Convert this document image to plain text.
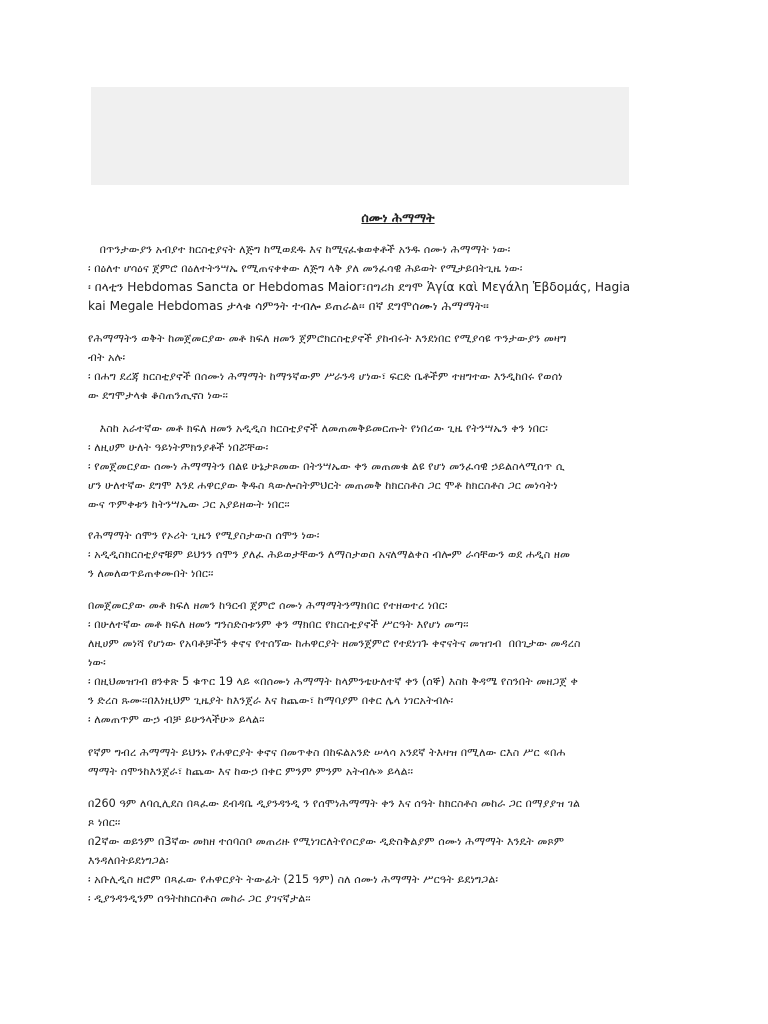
ሰሙነ ሕማማት
በጥንታውያን አብያተ ክርስቲያናት ለጅግ ከሚወደዱ እና ከሚናፈቁወቀቶች አንዱ ሰሙነ ሕማማት ነው፡
፡ በዕለተ ሆሳዕና ጀምሮ በዕለተትንሣኤ የሚጠናቀቀው ለጅግ ላቅ ያለ መንፈሳዊ ሕይወት የሚታይበትጊዜ ነው፡
፡ በላቲን Hebdomas Sancta or Hebdomas Maior፣በግሪክ ደግሞ Ἁγία καὶ Μεγάλη Ἑβδομάς, Hagia
kai Megale Hebdomas ታላቁ ሳምንት ተብሎ ይጠራል፡፡ በኛ ደግሞሰሙነ ሕማማት፡፡
የሕማማትን ወቅት ከመጀመርያው መቶ ክፍለ ዘመን ጀምሮክርስቲያኖች ያከብሩት እንደነበር የሚያሳዩ ጥንታውያን መዛግ
ብት አሉ፡
፡ በሐግ ደረጃ ክርስቲያኖች በሰሙነ ሕማማት ከማንኛውም ሥራንዳ ሆነው፣ ፍርድ ቤቶችም ተዘግተው እንዲከበሩ የወሰነ
ው ደግሞታላቁ ቆስጠንጢኖስ ነው፡፡
እስከ አራተኛው መቶ ክፍለ ዘመን አዲዲስ ክርስቲያኖች ለመጠመቅይመርጡት የነበረው ጊዜ የትንሣኤን ቀን ነበር፡
፡ ለዚሀም ሁለት ዓይነትምክንያቶች ነበሯቸው፡
፡ የመጀመርያው ሰሙነ ሕማማትን በልዩ ሁኔታጾመው በትንሣኤው ቀን መጠመቁ ልዩ የሆነ መንፈሳዊ ኃይልስላሚሰጥ ሲ
ሆን ሁለተኛው ደግሞ እንደ ሐዋርያው ቅዱስ ጳውሎስትምህርት መጠመቅ ከክርስቶስ ጋር ሞቶ ከክርስቶስ ጋር መነሳትነ
ውና ጥምቀቱን ከትንሣኤው ጋር አያይዘውት ነበር፡፡
የሕማማት ሰሞን የኦሪት ጊዜን የሚያስታውስ ሰሞን ነው፡
፡ አዲዲስክርስቲያኖቹም ይህንን ሰሞን ያለፈ ሕይወታቸውን ለማስታወስ አናለማልቀስ ብሎም ራሳቸውን ወደ ሐዲስ ዘመ
ን ለመለወጥይጠቀሙበት ነበር፡፡
በመጀመርያው መቶ ክፍለ ዘመን ከዓርብ ጀምሮ ሰሙነ ሕማማትንማክበር የተዘወተረ ነበር፡
፡ በሁለተኛው መቶ ክፍለ ዘመን ግንስድስቱንም ቀን ማክበር የክርስቲያኖች ሥርዓት እየሆነ መጣ፡፡
ለዚሀም መነሻ የሆነው የአባቶቻችን ቀኖና የተሰኘው ከሐዋርያት ዘመንጀምሮ የተደነገጉ ቀኖናትና መዝገብ  በበጊታው መዳረስ
ነው፡
፡ በዚህመዝገብ ፀንቀጽ 5 ቁጥር 19 ላይ «በሰሙነ ሕማማት ከላምንቴሁለተኛ ቀን (ሰኞ) እስከ ቅዳሜ የስንበት መዘጋጀ ቀ
ን ድረስ ጹሙ፡፡በእነዚህም ጊዜያት ከእንጀራ እና ከጨው፣ ከማባያም በቀር ሌላ ነገርአትብሉ፡
፡ ለመጠጥም ውኃ ብቻ ይሁንላችሁ» ይላል፡፡
የኛም ግብረ ሕማማት ይህንኑ የሐዋርያት ቀኖና በመጥቀስ በከፍልአንድ ሠላሳ አንደኛ ትእዛዝ በሚለው ርእስ ሥር «በሐ
ማማት ሰሞንከእንጀራ፣ ከጨው እና ከውኃ በቀር ምንም ምንም አትብሉ» ይላል፡፡
በ260 ዓም ለባሲሊደስ በጻፈው ደብዳቤ ዲያንዳንዲ ን የሰሞነሕማማት ቀን እና ሰዓት ከክርስቶስ መከራ ጋር በማያያዝ ገል
ጾ ነበር፡፡
በ2ኛው ወይንም በ3ኛው መክዘ ተሰባስቦ መጠሪዙ የሚነገርለትየሶርያው ዲድስቅልያም ሰሙነ ሕማማት እንዴት መጾም
እንዳለበትይደነግጋል፡
፡ አቡሊዲስ ዘሮም በጻፈው የሐዋርያት ትውፊት (215 ዓም) ስለ ሰሙነ ሕማማት ሥርዓት ይደነግጋል፡
፡ ዲያንዳንዲንም ሰዓትከክርስቶስ መከራ ጋር ያገናኛታል፡፡
